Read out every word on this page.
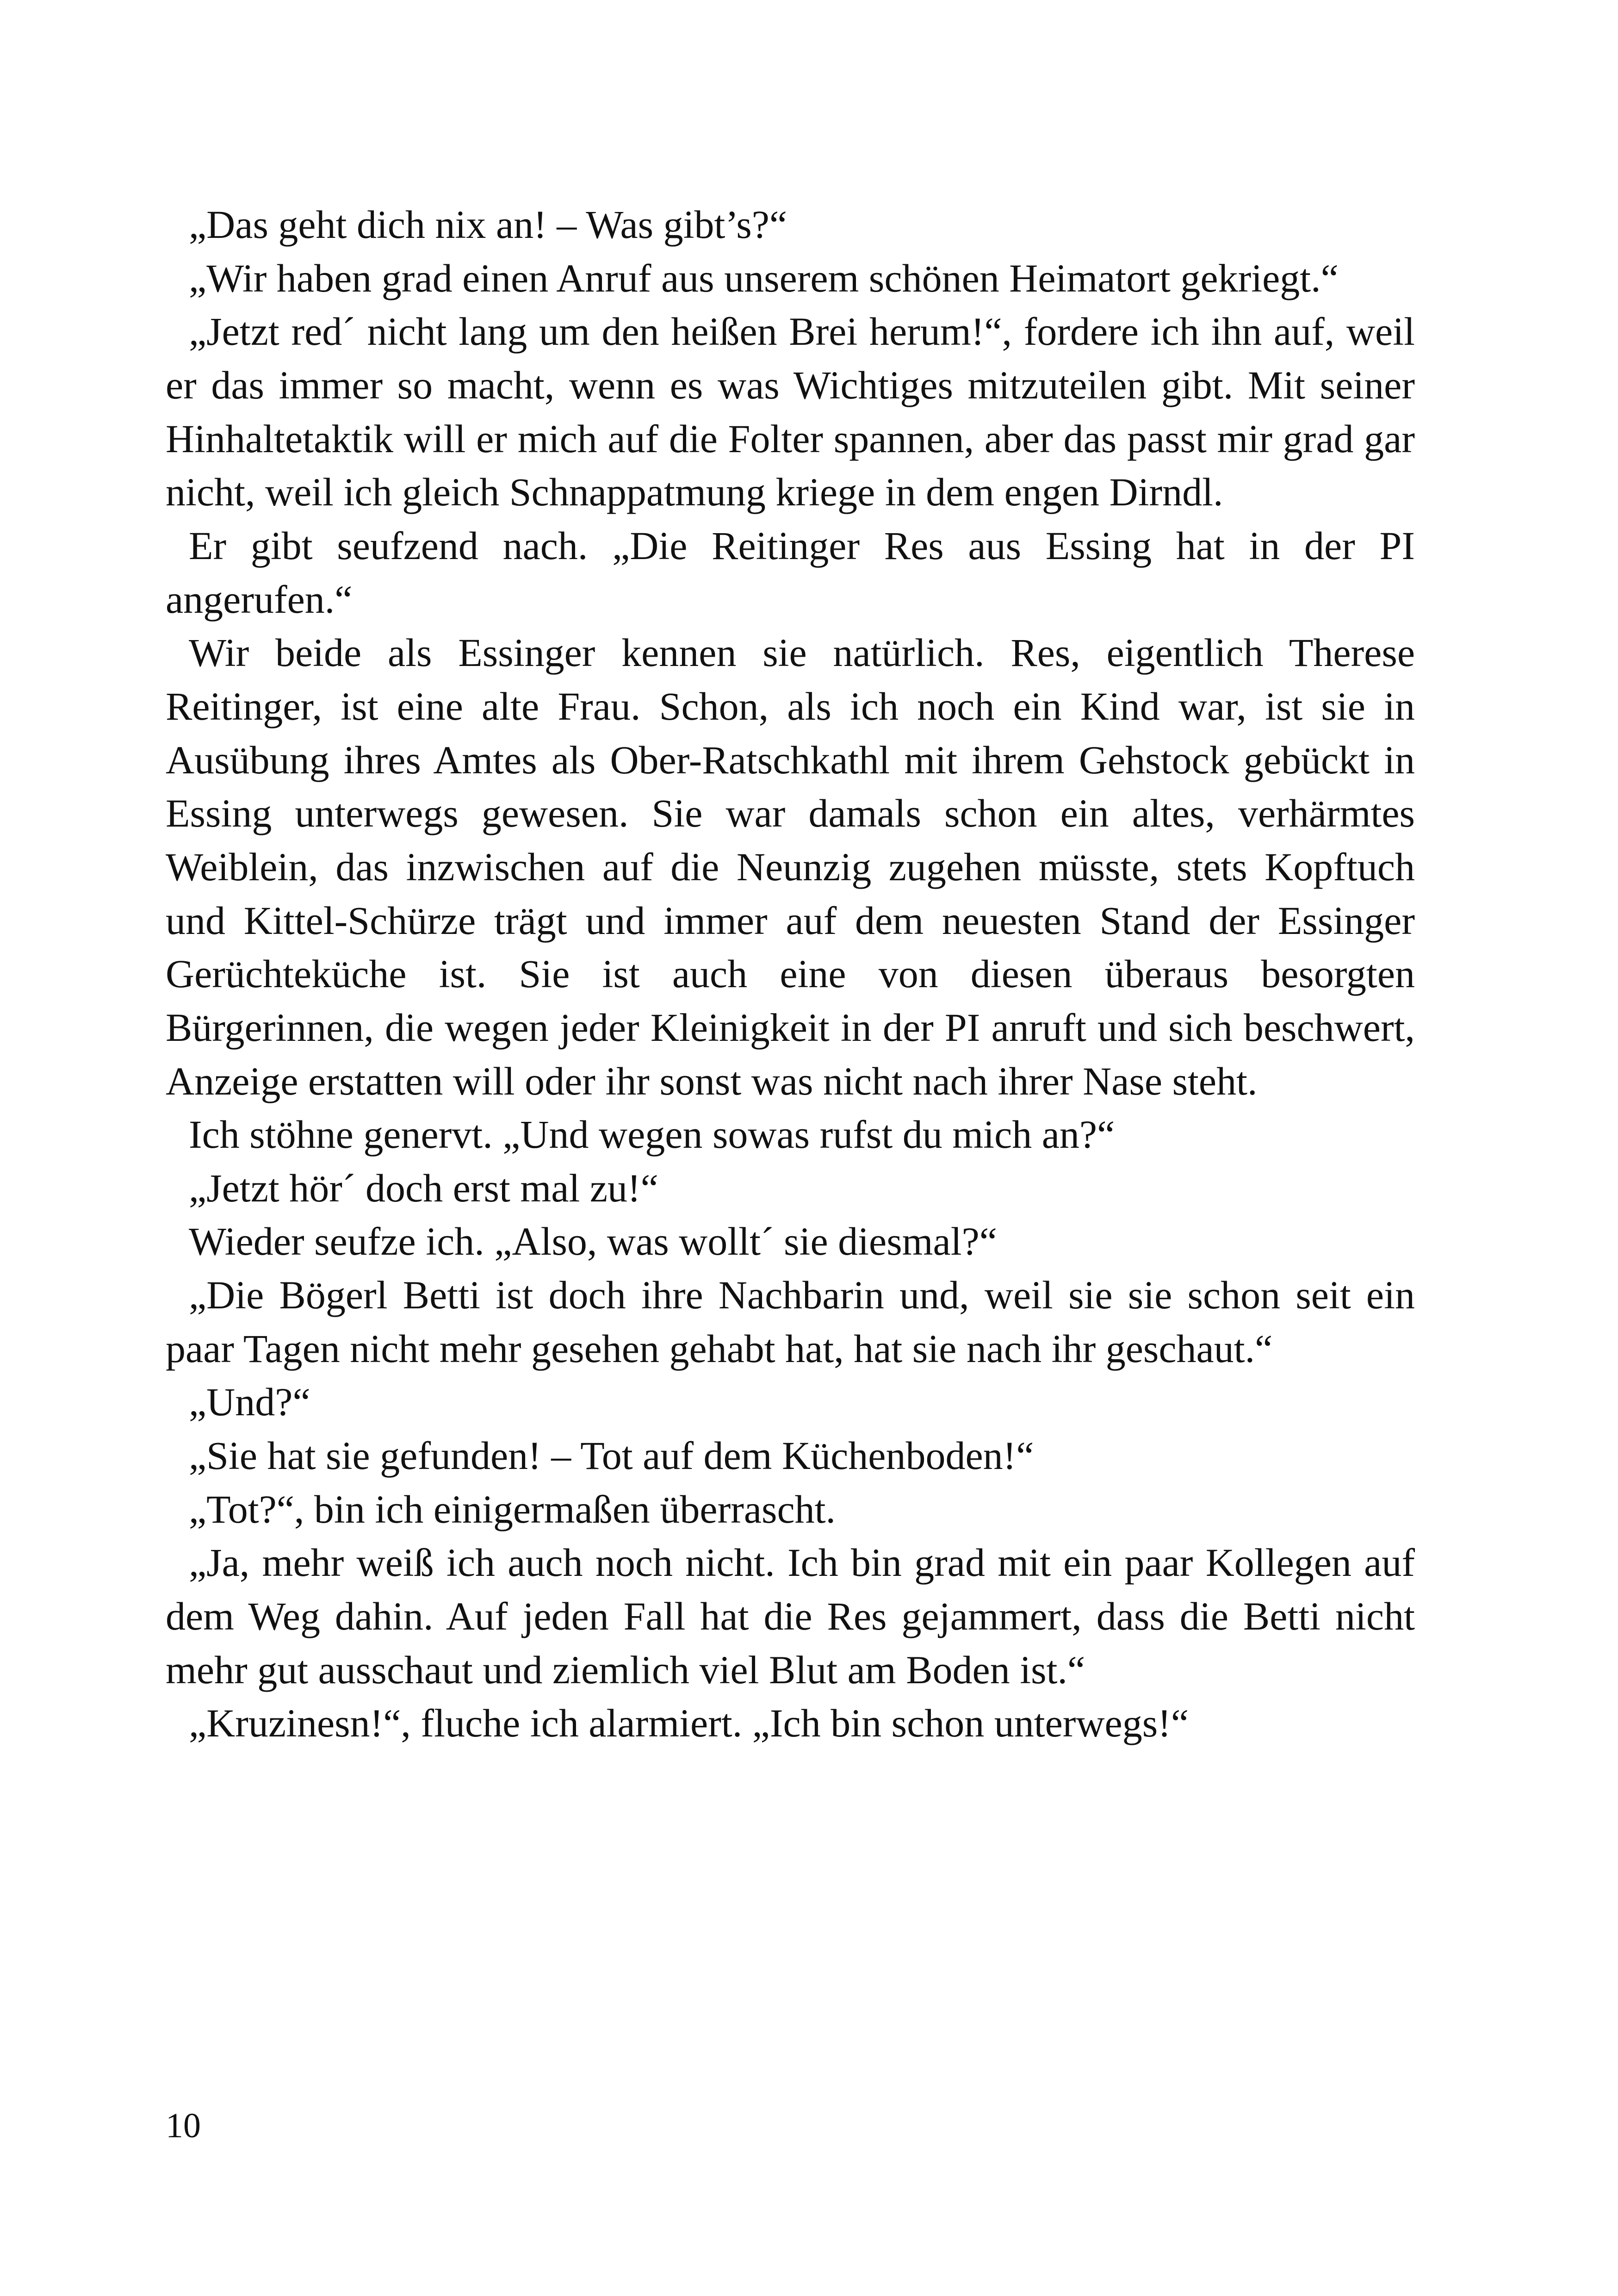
„Das geht dich nix an! – Was gibt’s?“

„Wir haben grad einen Anruf aus unserem schönen Heimatort gekriegt.“

„Jetzt red´ nicht lang um den heißen Brei herum!“, fordere ich ihn auf, weil er das immer so macht, wenn es was Wichtiges mitzuteilen gibt. Mit seiner Hinhaltetaktik will er mich auf die Folter spannen, aber das passt mir grad gar nicht, weil ich gleich Schnappatmung kriege in dem engen Dirndl.

Er gibt seufzend nach. „Die Reitinger Res aus Essing hat in der PI angerufen.“

Wir beide als Essinger kennen sie natürlich. Res, eigentlich Therese Reitinger, ist eine alte Frau. Schon, als ich noch ein Kind war, ist sie in Ausübung ihres Amtes als Ober-Ratschkathl mit ihrem Gehstock gebückt in Essing unterwegs gewesen. Sie war damals schon ein altes, verhärmtes Weiblein, das inzwischen auf die Neunzig zugehen müsste, stets Kopftuch und Kittel-Schürze trägt und immer auf dem neuesten Stand der Essinger Gerüchteküche ist. Sie ist auch eine von diesen überaus besorgten Bürgerinnen, die wegen jeder Kleinigkeit in der PI anruft und sich beschwert, Anzeige erstatten will oder ihr sonst was nicht nach ihrer Nase steht.

Ich stöhne genervt. „Und wegen sowas rufst du mich an?“

„Jetzt hör´ doch erst mal zu!“

Wieder seufze ich. „Also, was wollt´ sie diesmal?“

„Die Bögerl Betti ist doch ihre Nachbarin und, weil sie sie schon seit ein paar Tagen nicht mehr gesehen gehabt hat, hat sie nach ihr geschaut.“

„Und?“

„Sie hat sie gefunden! – Tot auf dem Küchenboden!“

„Tot?“, bin ich einigermaßen überrascht.

„Ja, mehr weiß ich auch noch nicht. Ich bin grad mit ein paar Kollegen auf dem Weg dahin. Auf jeden Fall hat die Res gejammert, dass die Betti nicht mehr gut ausschaut und ziemlich viel Blut am Boden ist.“

„Kruzinesn!“, fluche ich alarmiert. „Ich bin schon unterwegs!“

10
